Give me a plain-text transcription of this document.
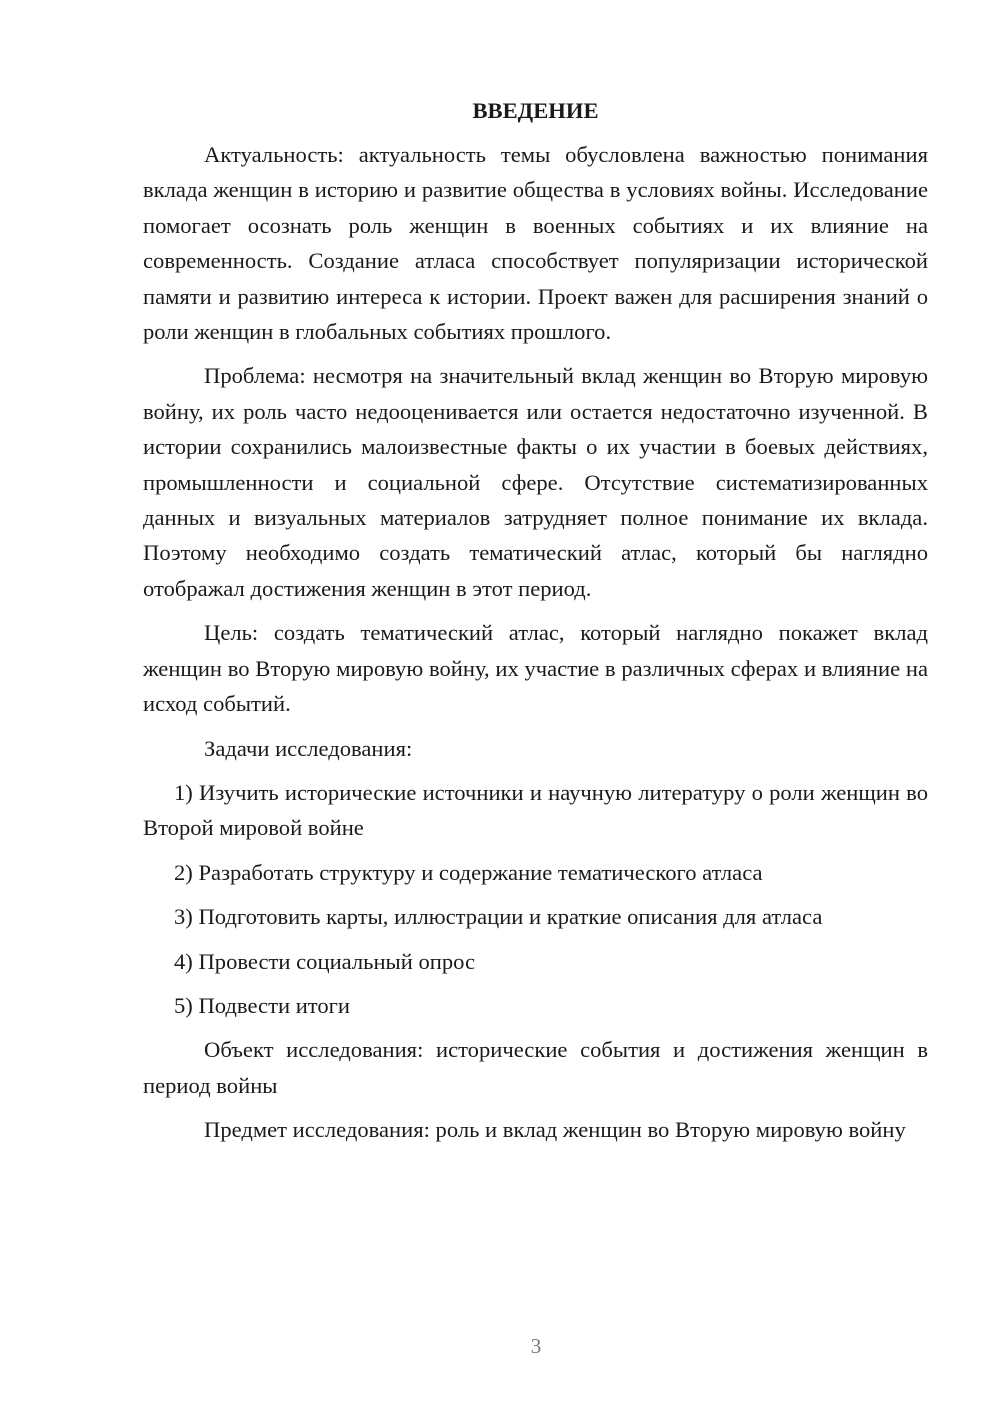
ВВЕДЕНИЕ

Актуальность: актуальность темы обусловлена важностью понимания вклада женщин в историю и развитие общества в условиях войны. Исследование помогает осознать роль женщин в военных событиях и их влияние на современность. Создание атласа способствует популяризации исторической памяти и развитию интереса к истории. Проект важен для расширения знаний о роли женщин в глобальных событиях прошлого.

Проблема: несмотря на значительный вклад женщин во Вторую мировую войну, их роль часто недооценивается или остается недостаточно изученной. В истории сохранились малоизвестные факты о их участии в боевых действиях, промышленности и социальной сфере. Отсутствие систематизированных данных и визуальных материалов затрудняет полное понимание их вклада. Поэтому необходимо создать тематический атлас, который бы наглядно отображал достижения женщин в этот период.

Цель: создать тематический атлас, который наглядно покажет вклад женщин во Вторую мировую войну, их участие в различных сферах и влияние на исход событий.

Задачи исследования:

1) Изучить исторические источники и научную литературу о роли женщин во Второй мировой войне

2) Разработать структуру и содержание тематического атласа

3) Подготовить карты, иллюстрации и краткие описания для атласа

4) Провести социальный опрос

5) Подвести итоги

Объект исследования: исторические события и достижения женщин в период войны

Предмет исследования: роль и вклад женщин во Вторую мировую войну

3
